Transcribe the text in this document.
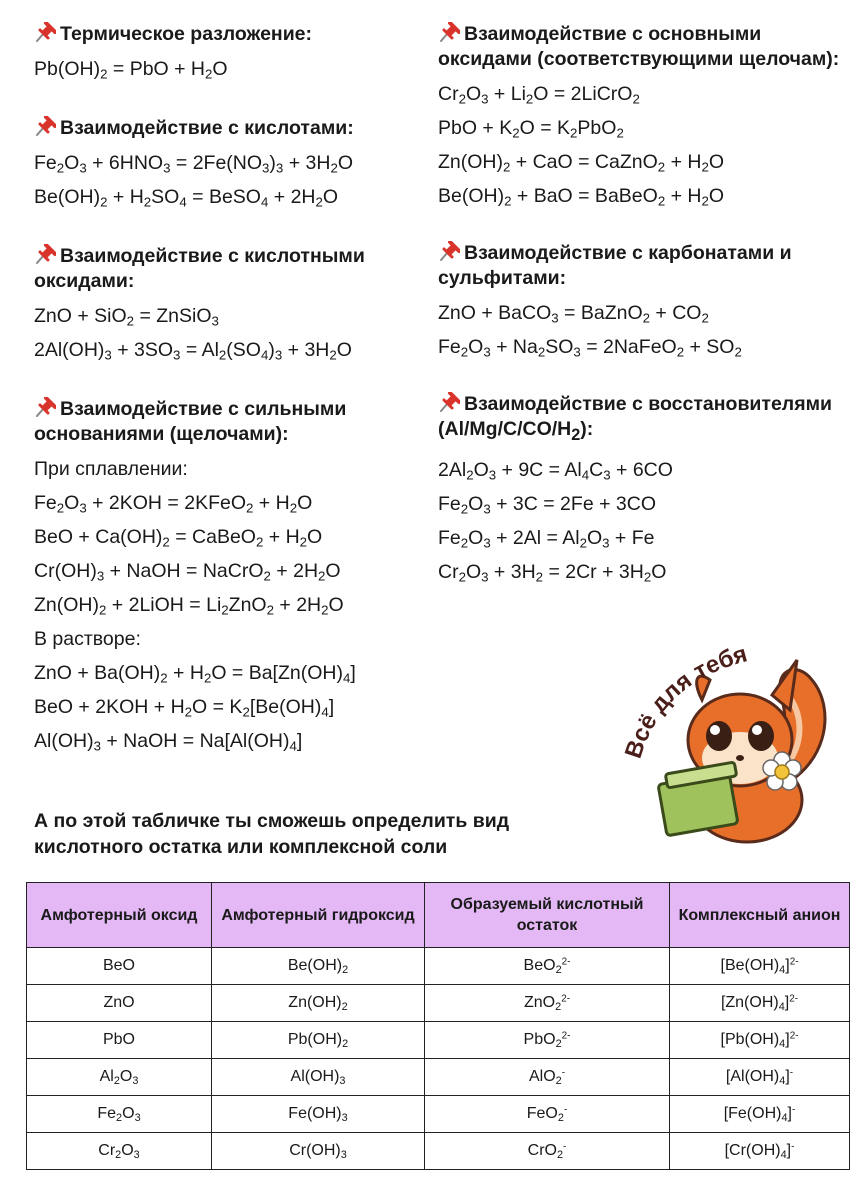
Термическое разложение:
$Pb(OH)_2$ = PbO + $H_2O$
Взаимодействие с кислотами:
$Fe_2O_3 + 6HNO_3 = 2Fe(NO_3)_3 + 3H_2O$
$Be(OH)_2 + H_2SO_4$ = BeSO$_4$ + $2H_2O$
Взаимодействие с кислотными оксидами:
ZnO + SiO$_2$ = ZnSiO$_3$
$2Al(OH)_3 + 3SO_3 = Al_2(SO_4)_3 + 3H_2O$
Взаимодействие с сильными основаниями (щелочами):
При сплавлении:
$Fe_2O_3 + 2KOH$ = 2KFeO$_2$ + $H_2O$
BeO + $Ca(OH)_2$ = CaBeO$_2$ + $H_2O$
$Cr(OH)_3$ + NaOH = NaCrO$_2$ + $2H_2O$
$Zn(OH)_2$ + 2LiOH = $Li_2ZnO_2 + 2H_2O$
В растворе:
ZnO + $Ba(OH)_2 + H_2O = Ba[Zn(OH)_4]$
BeO + $2KOH + H_2O = K_2[Be(OH)_4]$
$Al(OH)_3$ + NaOH = $Na[Al(OH)_4]$
Взаимодействие с основными оксидами (соответствующими щелочам):
$Cr_2O_3 + Li_2O$ = 2LiCrO$_2$
PbO + $K_2O = K_2PbO_2$
$Zn(OH)_2$ + CaO = CaZnO$_2$ + $H_2O$
$Be(OH)_2$ + BaO = BaBeO$_2$ + $H_2O$
Взаимодействие с карбонатами и сульфитами:
ZnO + BaCO$_3$ = BaZnO$_2$ + $CO_2$
$Fe_2O_3 + Na_2SO_3$ = 2NaFeO$_2$ + $SO_2$
Взаимодействие с восстановителями $(Al/Mg/C/CO/H_2)$:
$2Al_2O_3 + 9C = Al_4C_3 + 6CO$
$Fe_2O_3 + 3C = 2Fe + 3CO$
$Fe_2O_3 + 2Al = Al_2O_3 + Fe$
$Cr_2O_3 + 3H_2 = 2Cr + 3H_2O$
А по этой табличке ты сможешь определить вид кислотного остатка или комплексной соли
Всё для тебя
Амфотерный оксид	Амфотерный гидроксид	Образуемый кислотный остаток	Комплексный анион
BeO	$Be(OH)_2$	BeO$_2^{2-}$	$[Be(OH)_4]^{2-}$
ZnO	$Zn(OH)_2$	ZnO$_2^{2-}$	$[Zn(OH)_4]^{2-}$
PbO	$Pb(OH)_2$	PbO$_2^{2-}$	$[Pb(OH)_4]^{2-}$
$Al_2O_3$	$Al(OH)_3$	AlO$_2$-	$[Al(OH)_4]^-$
$Fe_2O_3$	$Fe(OH)_3$	FeO$_2$-	$[Fe(OH)_4]^-$
$Cr_2O_3$	$Cr(OH)_3$	CrO$_2$-	$[Cr(OH)_4]^-$
